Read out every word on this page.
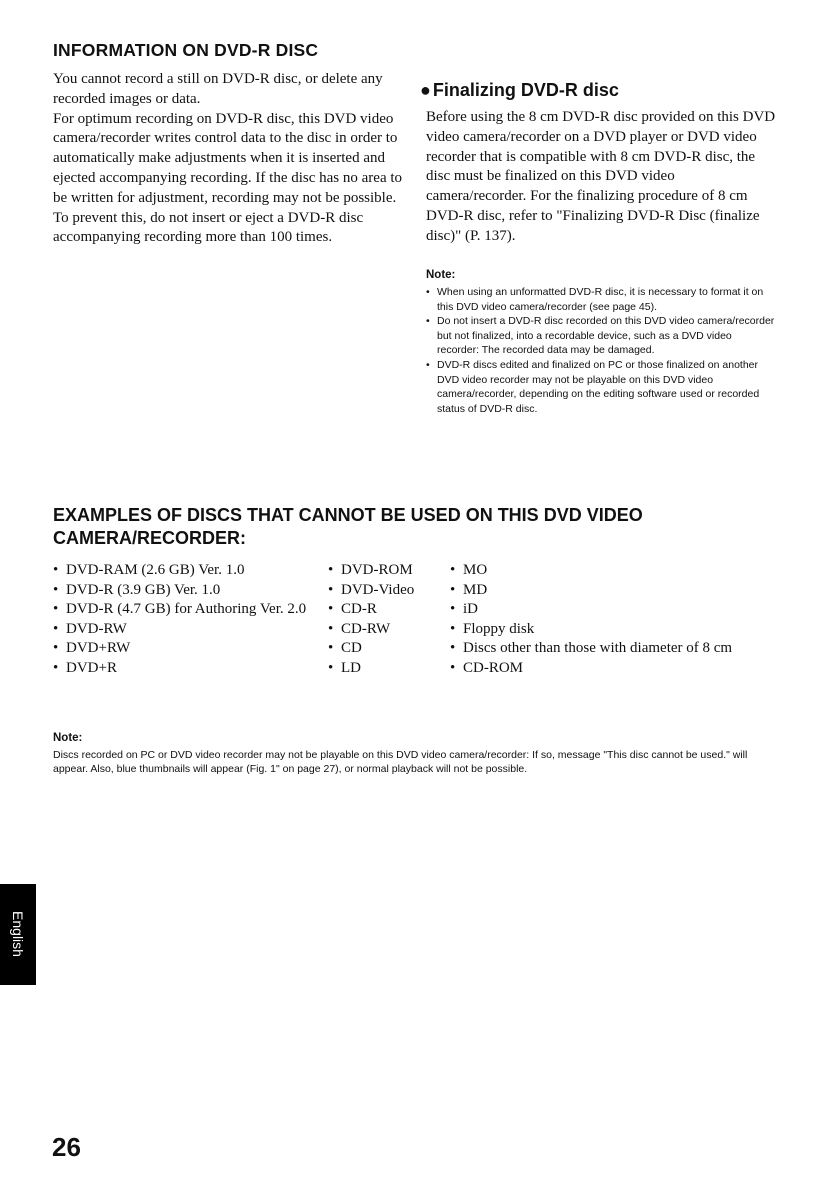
INFORMATION ON DVD-R DISC

You cannot record a still on DVD-R disc, or delete any recorded images or data.

For optimum recording on DVD-R disc, this DVD video camera/recorder writes control data to the disc in order to automatically make adjustments when it is inserted and ejected accompanying recording. If the disc has no area to be written for adjustment, recording may not be possible. To prevent this, do not insert or eject a DVD-R disc accompanying recording more than 100 times.

● Finalizing DVD-R disc

Before using the 8 cm DVD-R disc provided on this DVD video camera/recorder on a DVD player or DVD video recorder that is compatible with 8 cm DVD-R disc, the disc must be finalized on this DVD video camera/recorder. For the finalizing procedure of 8 cm DVD-R disc, refer to "Finalizing DVD-R Disc (finalize disc)" (P. 137).

Note:
• When using an unformatted DVD-R disc, it is necessary to format it on this DVD video camera/recorder (see page 45).
• Do not insert a DVD-R disc recorded on this DVD video camera/recorder but not finalized, into a recordable device, such as a DVD video recorder: The recorded data may be damaged.
• DVD-R discs edited and finalized on PC or those finalized on another DVD video recorder may not be playable on this DVD video camera/recorder, depending on the editing software used or recorded status of DVD-R disc.
EXAMPLES OF DISCS THAT CANNOT BE USED ON THIS DVD VIDEO CAMERA/RECORDER:
• DVD-RAM (2.6 GB) Ver. 1.0
• DVD-R (3.9 GB) Ver. 1.0
• DVD-R (4.7 GB) for Authoring Ver. 2.0
• DVD-RW
• DVD+RW
• DVD+R
• DVD-ROM
• DVD-Video
• CD-R
• CD-RW
• CD
• LD
• MO
• MD
• iD
• Floppy disk
• Discs other than those with diameter of 8 cm
• CD-ROM
Note:

Discs recorded on PC or DVD video recorder may not be playable on this DVD video camera/recorder: If so, message "This disc cannot be used." will appear. Also, blue thumbnails will appear (Fig. 1" on page 27), or normal playback will not be possible.

English
26
